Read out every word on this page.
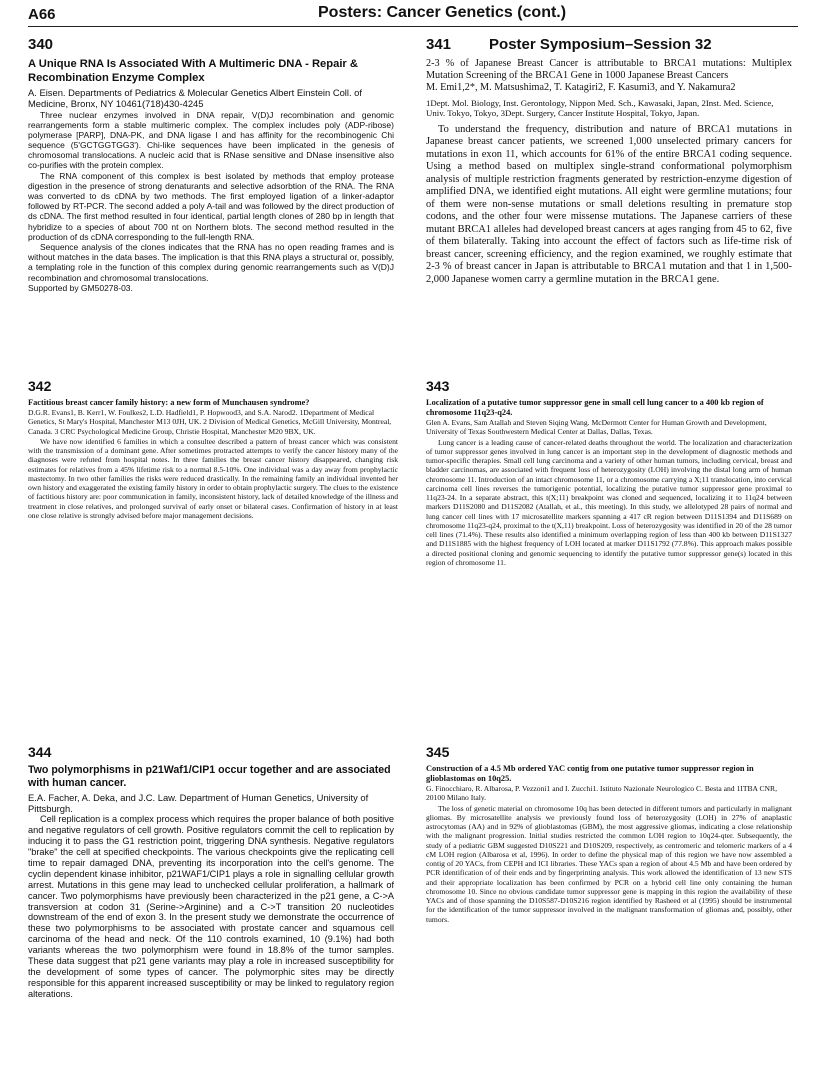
A66	Posters: Cancer Genetics (cont.)

340

A Unique RNA Is Associated With A Multimeric DNA - Repair & Recombination Enzyme Complex

A. Eisen. Departments of Pediatrics & Molecular Genetics Albert Einstein Coll. of Medicine, Bronx, NY 10461(718)430-4245

Three nuclear enzymes involved in DNA repair, V(D)J recombination and genomic rearrangements form a stable multimeric complex. The complex includes poly (ADP-ribose) polymerase [PARP], DNA-PK, and DNA ligase I and has affinity for the recombinogenic Chi sequence (5'GCTGGTGG3'). Chi-like sequences have been implicated in the genesis of chromosomal translocations. A nucleic acid that is RNase sensitive and DNase insensitive also co-purifies with the protein complex.

The RNA component of this complex is best isolated by methods that employ protease digestion in the presence of strong denaturants and selective adsorbtion of the RNA. The RNA was converted to ds cDNA by two methods. The first employed ligation of a linker-adaptor followed by RT-PCR. The second added a poly A-tail and was followed by the direct production of ds cDNA. The first method resulted in four identical, partial length clones of 280 bp in length that hybridize to a species of about 700 nt on Northern blots. The second method resulted in the production of ds cDNA corresponding to the full-length RNA.

Sequence analysis of the clones indicates that the RNA has no open reading frames and is without matches in the data bases. The implication is that this RNA plays a structural or, possibly, a templating role in the function of this complex during genomic rearrangements such as V(D)J recombination and chromosomal translocations.

Supported by GM50278-03.

341	Poster Symposium–Session 32

2-3 % of Japanese Breast Cancer is attributable to BRCA1 mutations: Multiplex Mutation Screening of the BRCA1 Gene in 1000 Japanese Breast Cancers

M. Emi1,2*, M. Matsushima2, T. Katagiri2, F. Kasumi3, and Y. Nakamura2

1Dept. Mol. Biology, Inst. Gerontology, Nippon Med. Sch., Kawasaki, Japan, 2Inst. Med. Science, Univ. Tokyo, Tokyo, 3Dept. Surgery, Cancer Institute Hospital, Tokyo, Japan.

To understand the frequency, distribution and nature of BRCA1 mutations in Japanese breast cancer patients, we screened 1,000 unselected primary cancers for mutations in exon 11, which accounts for 61% of the entire BRCA1 coding sequence. Using a method based on multiplex single-strand conformational polymorphism analysis of multiple restriction fragments generated by restriction-enzyme digestion of amplified DNA, we identified eight mutations. All eight were germline mutations; four of them were non-sense mutations or small deletions resulting in premature stop codons, and the other four were missense mutations. The Japanese carriers of these mutant BRCA1 alleles had developed breast cancers at ages ranging from 45 to 62, five of them bilaterally. Taking into account the effect of factors such as life-time risk of breast cancer, screening efficiency, and the region examined, we roughly estimate that 2-3 % of breast cancer in Japan is attributable to BRCA1 mutation and that 1 in 1,500-2,000 Japanese women carry a germline mutation in the BRCA1 gene.

342

Factitious breast cancer family history: a new form of Munchausen syndrome?

D.G.R. Evans1, B. Kerr1, W. Foulkes2, L.D. Hadfield1, P. Hopwood3, and S.A. Narod2. 1Department of Medical Genetics, St Mary's Hospital, Manchester M13 0JH, UK. 2 Division of Medical Genetics, McGill University, Montreal, Canada. 3 CRC Psychological Medicine Group, Christie Hospital, Manchester M20 9BX, UK.

We have now identified 6 families in which a consultee described a pattern of breast cancer which was consistent with the transmission of a dominant gene. After sometimes protracted attempts to verify the cancer history many of the diagnoses were refuted from hospital notes. In three families the breast cancer history disappeared, changing risk estimates for relatives from a 45% lifetime risk to a normal 8.5-10%. One individual was a day away from prophylactic mastectomy. In two other families the risks were reduced drastically. In the remaining family an individual invented her own history and exaggerated the existing family history in order to obtain prophylactic surgery. The clues to the existence of factitious history are: poor communication in family, inconsistent history, lack of detailed knowledge of the illness and treatment in close relatives, and prolonged survival of early onset or bilateral cases. Confirmation of history in at least one close relative is strongly advised before major management decisions.

343

Localization of a putative tumor suppressor gene in small cell lung cancer to a 400 kb region of chromosome 11q23-q24.

Glen A. Evans, Sam Atallah and Steven Siqing Wang. McDermott Center for Human Growth and Development, University of Texas Southwestern Medical Center at Dallas, Dallas, Texas.

Lung cancer is a leading cause of cancer-related deaths throughout the world. The localization and characterization of tumor suppressor genes involved in lung cancer is an important step in the development of diagnostic methods and tumor-specific therapies. Small cell lung carcinoma and a variety of other human tumors, including cervical, breast and bladder carcinomas, are associated with frequent loss of heterozygosity (LOH) involving the distal long arm of human chromosome 11. Introduction of an intact chromosome 11, or a chromosome carrying a X;11 translocation, into cervical carcinoma cell lines reverses the tumorigenic potential, localizing the putative tumor suppressor gene proximal to 11q23-24. In a separate abstract, this t(X;11) breakpoint was cloned and sequenced, localizing it to 11q24 between markers D11S2080 and D11S2082 (Atallah, et al., this meeting). In this study, we allelotyped 28 pairs of normal and lung cancer cell lines with 17 microsatellite markers spanning a 417 cR region between D11S1394 and D11S689 on chromosome 11q23-q24, proximal to the t(X,11) breakpoint. Loss of heterozygosity was identified in 20 of the 28 tumor cell lines (71.4%). These results also identified a minimum overlapping region of less than 400 kb between D11S1327 and D11S1885 with the highest frequency of LOH located at marker D11S1792 (77.8%). This approach makes possible a directed positional cloning and genomic sequencing to identify the putative tumor suppressor gene(s) located in this region of chromosome 11.

344

Two polymorphisms in p21Waf1/CIP1 occur together and are associated with human cancer.

E.A. Facher, A. Deka, and J.C. Law. Department of Human Genetics, University of Pittsburgh.

Cell replication is a complex process which requires the proper balance of both positive and negative regulators of cell growth. Positive regulators commit the cell to replication by inducing it to pass the G1 restriction point, triggering DNA synthesis. Negative regulators "brake" the cell at specified checkpoints. The various checkpoints give the replicating cell time to repair damaged DNA, preventing its incorporation into the cell's genome. The cyclin dependent kinase inhibitor, p21WAF1/CIP1 plays a role in signalling cellular growth arrest. Mutations in this gene may lead to unchecked cellular proliferation, a hallmark of cancer. Two polymorphisms have previously been characterized in the p21 gene, a C->A transversion at codon 31 (Serine->Arginine) and a C->T transition 20 nucleotides downstream of the end of exon 3. In the present study we demonstrate the occurrence of these two polymorphisms to be associated with prostate cancer and squamous cell carcinoma of the head and neck. Of the 110 controls examined, 10 (9.1%) had both variants whereas the two polymorphism were found in 18.8% of the tumor samples. These data suggest that p21 gene variants may play a role in increased susceptibility for the development of some types of cancer. The polymorphic sites may be directly responsible for this apparent increased susceptibility or may be linked to regulatory region alterations.

345

Construction of a 4.5 Mb ordered YAC contig from one putative tumor suppressor region in glioblastomas on 10q25.

G. Finocchiaro, R. Albarosa, P. Vezzoni1 and I. Zucchi1. Istituto Nazionale Neurologico C. Besta and 1ITBA CNR, 20100 Milano Italy.

The loss of genetic material on chromosome 10q has been detected in different tumors and particularly in malignant gliomas. By microsatellite analysis we previously found loss of heterozygosity (LOH) in 27% of anaplastic astrocytomas (AA) and in 92% of glioblastomas (GBM), the most aggressive gliomas, indicating a close relationship with the malignant progression. Initial studies restricted the common LOH region to 10q24-qter. Subsequently, the study of a pediatric GBM suggested D10S221 and D10S209, respectively, as centromeric and telomeric markers of a 4 cM LOH region (Albarosa et al, 1996). In order to define the physical map of this region we have now assembled a contig of 20 YACs, from CEPH and ICI libraries. These YACs span a region of about 4.5 Mb and have been ordered by PCR identification of of their ends and by fingerprinting analysis. This work allowed the identification of 13 new STS and their appropriate localization has been confirmed by PCR on a hybrid cell line only containing the human chromosome 10. Since no obvious candidate tumor suppressor gene is mapping in this region the availability of these YACs and of those spanning the D10S587-D10S216 region identified by Rasheed et al (1995) should be instrumental for the identification of the tumor suppressor involved in the malignant transformation of gliomas and, possibly, other tumors.
